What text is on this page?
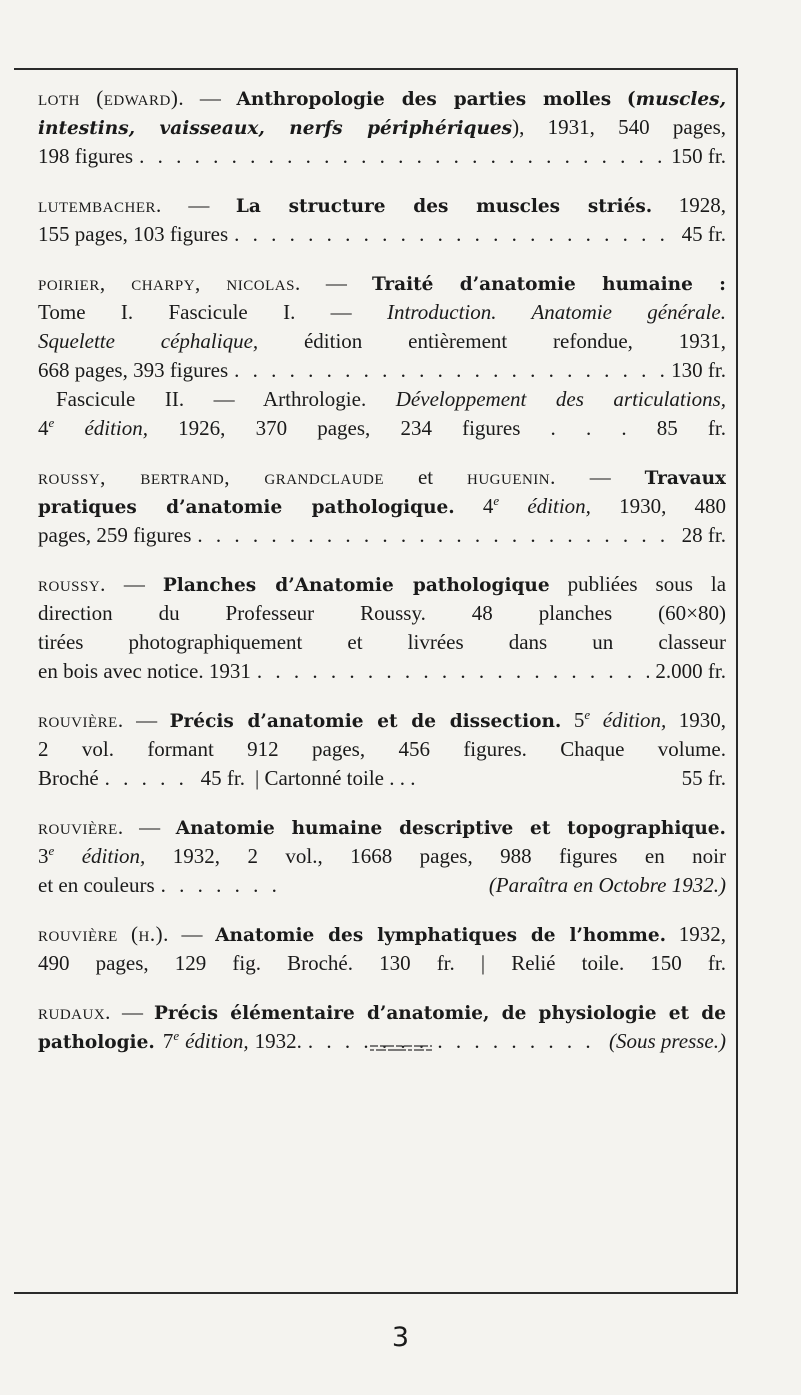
loth (edward). — Anthropologie des parties molles (muscles,
intestins, vaisseaux, nerfs périphériques), 1931, 540 pages,
198 figures . . .	150 fr.
lutembacher. — La structure des muscles striés. 1928,
155 pages, 103 figures . . .	45 fr.
poirier, charpy, nicolas. — Traité d’anatomie humaine :
Tome I. Fascicule I. — Introduction. Anatomie générale.
Squelette céphalique, édition entièrement refondue, 1931,
668 pages, 393 figures . . .	130 fr.
Fascicule II. — Arthrologie. Développement des articulations,
4e édition, 1926, 370 pages, 234 figures . . . 85 fr.
roussy, bertrand, grandclaude et huguenin. — Travaux
pratiques d’anatomie pathologique. 4e édition, 1930, 480
pages, 259 figures . . .	28 fr.
roussy. — Planches d’Anatomie pathologique publiées sous la
direction du Professeur Roussy. 48 planches (60×80)
tirées photographiquement et livrées dans un classeur
en bois avec notice. 1931 . . .	2.000 fr.
rouvière. — Précis d’anatomie et de dissection. 5e édition, 1930,
2 vol. formant 912 pages, 456 figures. Chaque volume.
Broché . . .	45 fr. | Cartonné toile . . .	55 fr.
rouvière. — Anatomie humaine descriptive et topographique.
3e édition, 1932, 2 vol., 1668 pages, 988 figures en noir
et en couleurs . . .	(Paraîtra en Octobre 1932.)
rouvière (h.). — Anatomie des lymphatiques de l’homme. 1932,
490 pages, 129 fig. Broché. 130 fr. | Relié toile. 150 fr.
rudaux. — Précis élémentaire d’anatomie, de physiologie et de
pathologie. 7e édition, 1932. . . .	(Sous presse.)
3
